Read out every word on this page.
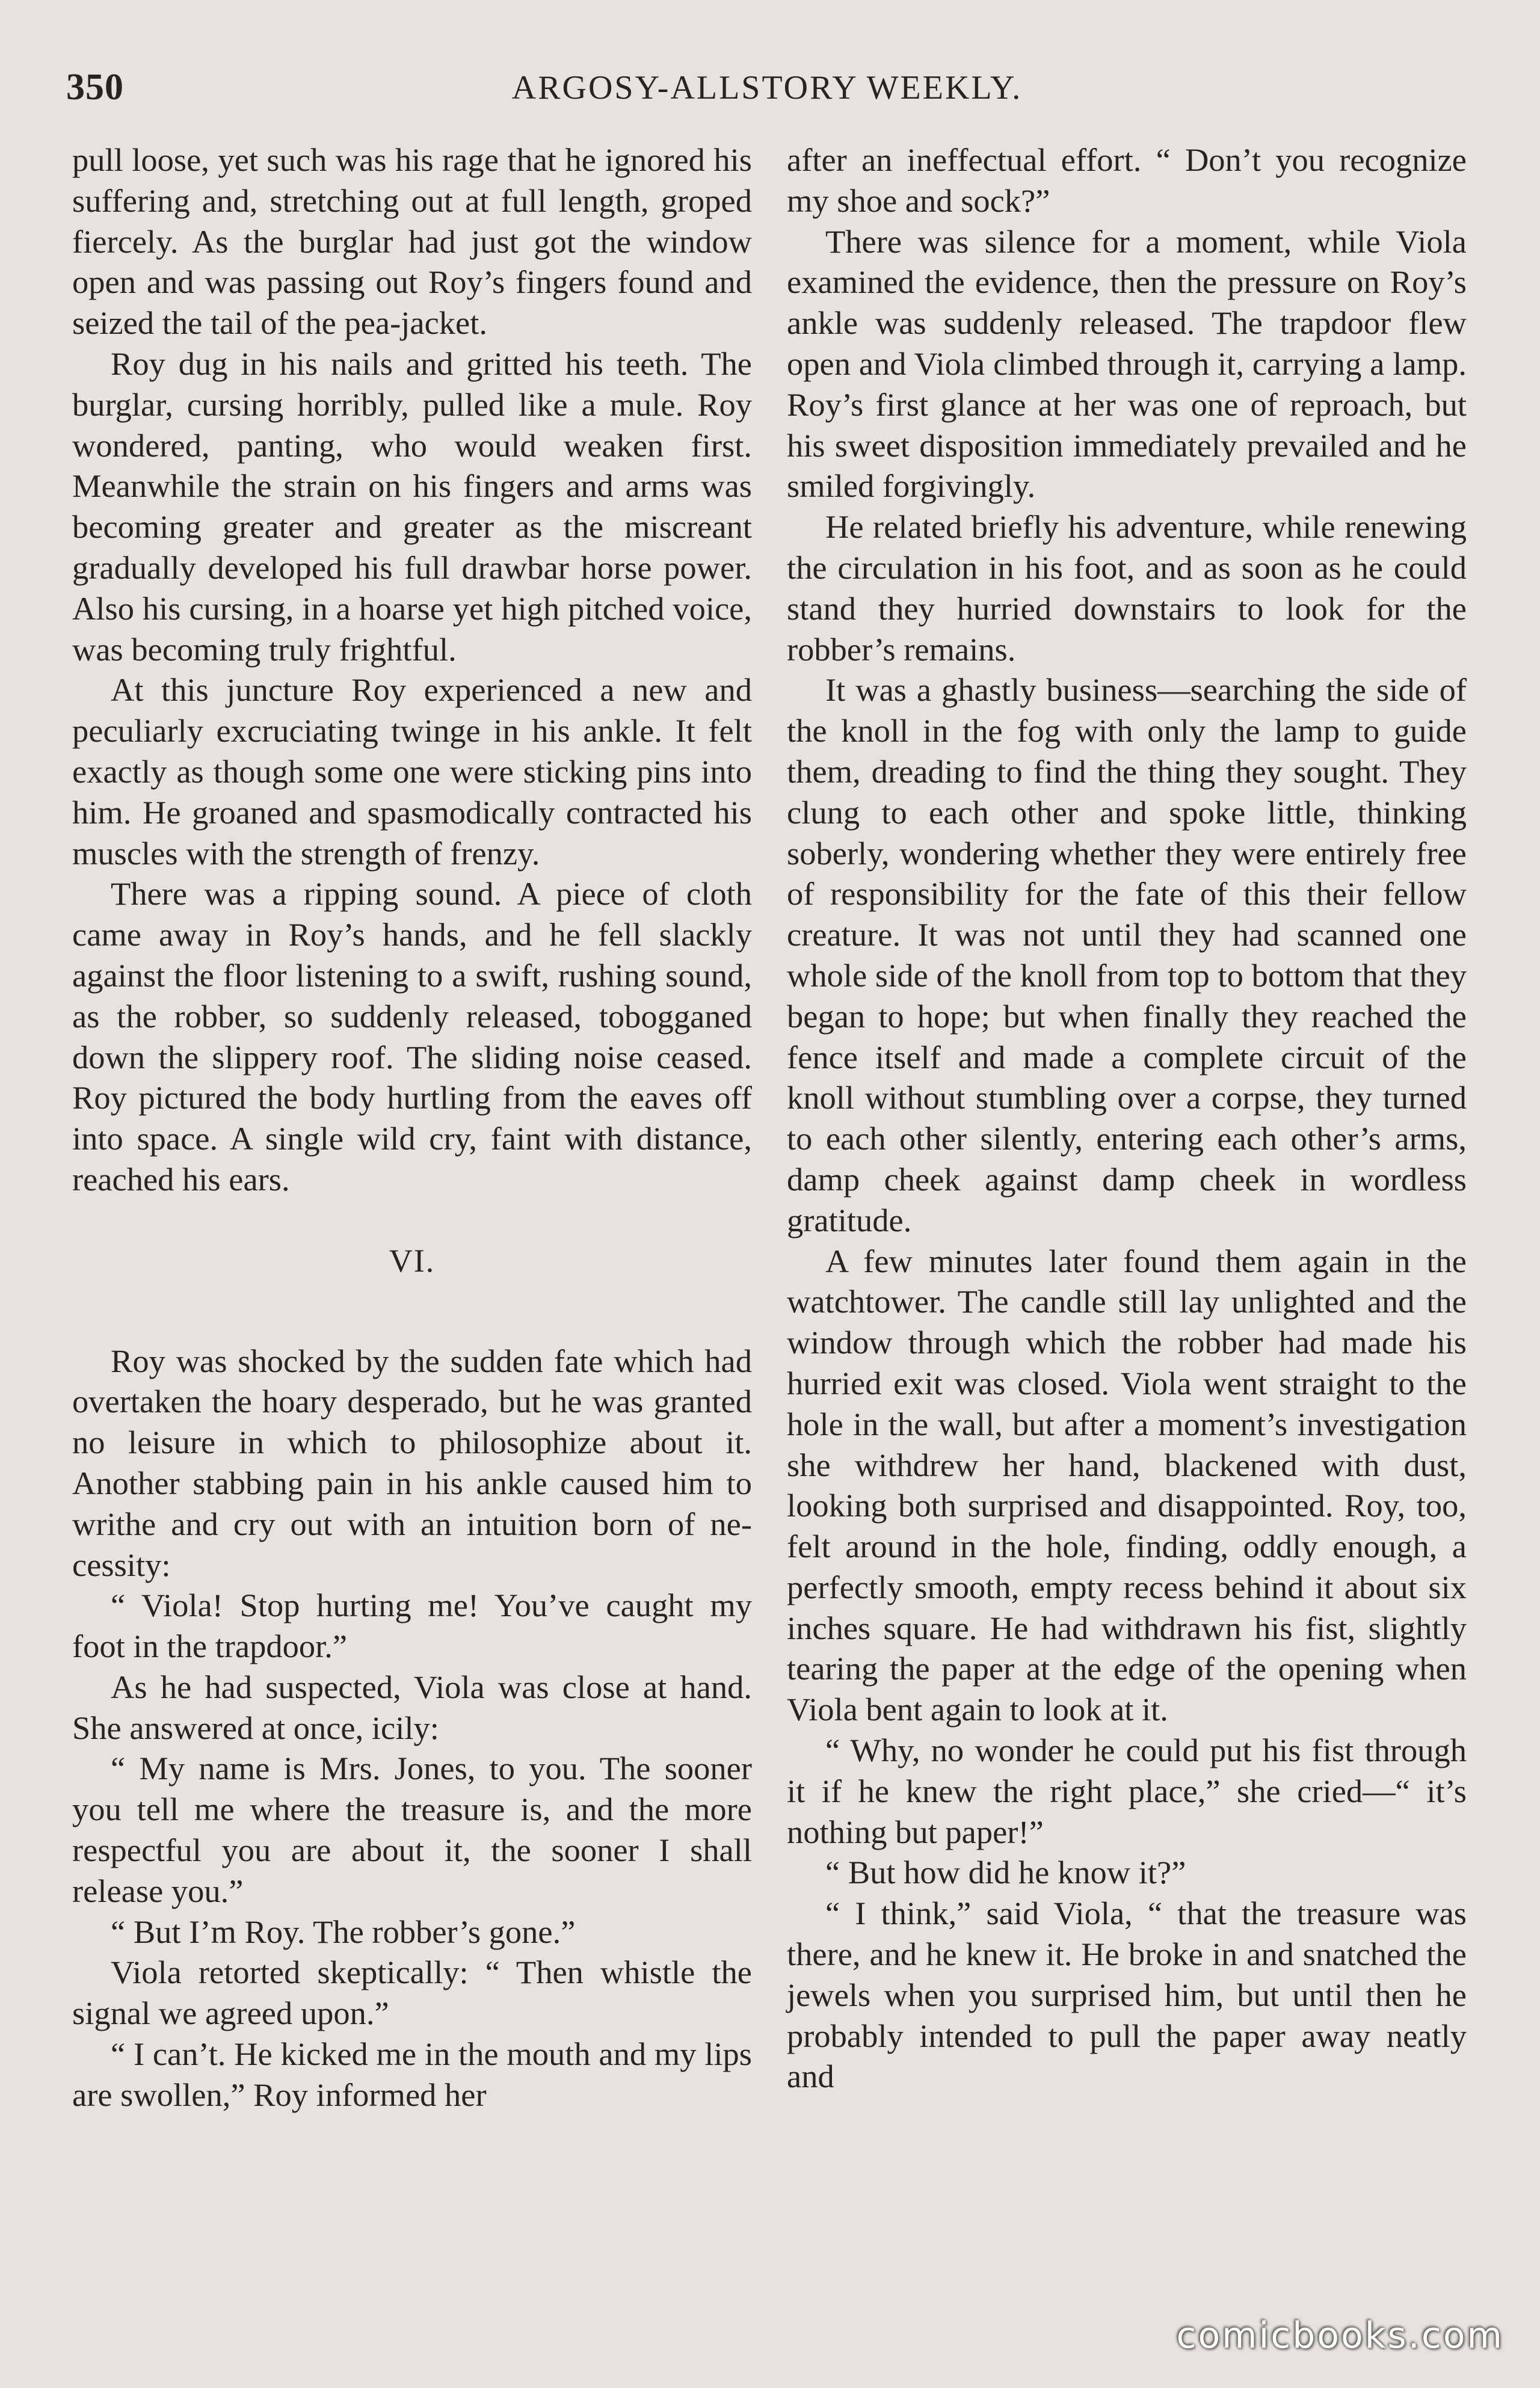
350	ARGOSY-ALLSTORY WEEKLY.

pull loose, yet such was his rage that he ignored his suffering and, stretching out at full length, groped fiercely. As the burglar had just got the window open and was passing out Roy’s fingers found and seized the tail of the pea-jacket.

Roy dug in his nails and gritted his teeth. The burglar, cursing horribly, pulled like a mule. Roy wondered, panting, who would weaken first. Meanwhile the strain on his fingers and arms was becoming greater and greater as the miscreant gradually developed his full drawbar horse power. Also his cursing, in a hoarse yet high pitched voice, was becoming truly frightful.

At this juncture Roy experienced a new and peculiarly excruciating twinge in his ankle. It felt exactly as though some one were sticking pins into him. He groaned and spasmodically contracted his muscles with the strength of frenzy.

There was a ripping sound. A piece of cloth came away in Roy’s hands, and he fell slackly against the floor listening to a swift, rushing sound, as the robber, so suddenly released, tobogganed down the slippery roof. The sliding noise ceased. Roy pictured the body hurtling from the eaves off into space. A single wild cry, faint with distance, reached his ears.

VI.

Roy was shocked by the sudden fate which had overtaken the hoary desperado, but he was granted no leisure in which to philosophize about it. Another stabbing pain in his ankle caused him to writhe and cry out with an intuition born of necessity:

“ Viola! Stop hurting me! You’ve caught my foot in the trapdoor.”

As he had suspected, Viola was close at hand. She answered at once, icily:

“ My name is Mrs. Jones, to you. The sooner you tell me where the treasure is, and the more respectful you are about it, the sooner I shall release you.”

“ But I’m Roy. The robber’s gone.”

Viola retorted skeptically: “ Then whistle the signal we agreed upon.”

“ I can’t. He kicked me in the mouth and my lips are swollen,” Roy informed her

after an ineffectual effort. “ Don’t you recognize my shoe and sock?”

There was silence for a moment, while Viola examined the evidence, then the pressure on Roy’s ankle was suddenly released. The trapdoor flew open and Viola climbed through it, carrying a lamp. Roy’s first glance at her was one of reproach, but his sweet disposition immediately prevailed and he smiled forgivingly.

He related briefly his adventure, while renewing the circulation in his foot, and as soon as he could stand they hurried downstairs to look for the robber’s remains.

It was a ghastly business—searching the side of the knoll in the fog with only the lamp to guide them, dreading to find the thing they sought. They clung to each other and spoke little, thinking soberly, wondering whether they were entirely free of responsibility for the fate of this their fellow creature. It was not until they had scanned one whole side of the knoll from top to bottom that they began to hope; but when finally they reached the fence itself and made a complete circuit of the knoll without stumbling over a corpse, they turned to each other silently, entering each other’s arms, damp cheek against damp cheek in wordless gratitude.

A few minutes later found them again in the watchtower. The candle still lay unlighted and the window through which the robber had made his hurried exit was closed. Viola went straight to the hole in the wall, but after a moment’s investigation she withdrew her hand, blackened with dust, looking both surprised and disappointed. Roy, too, felt around in the hole, finding, oddly enough, a perfectly smooth, empty recess behind it about six inches square. He had withdrawn his fist, slightly tearing the paper at the edge of the opening when Viola bent again to look at it.

“ Why, no wonder he could put his fist through it if he knew the right place,” she cried—“ it’s nothing but paper!”

“ But how did he know it?”

“ I think,” said Viola, “ that the treasure was there, and he knew it. He broke in and snatched the jewels when you surprised him, but until then he probably intended to pull the paper away neatly and

comicbooks.com
